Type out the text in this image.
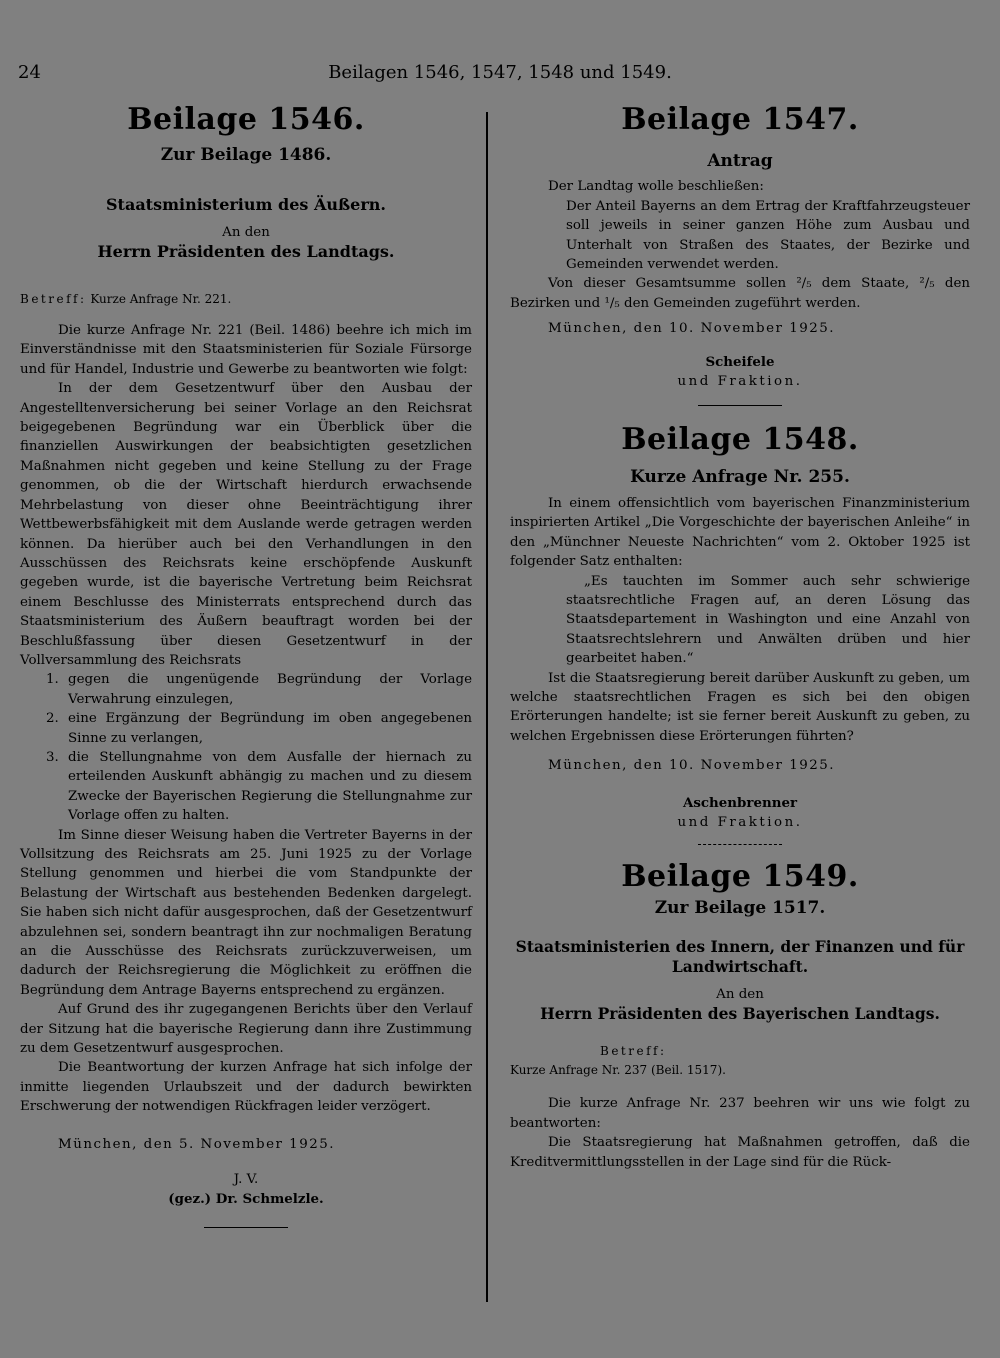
24	Beilagen 1546, 1547, 1548 und 1549.
Beilage 1546.
Zur Beilage 1486.
Staatsministerium des Äußern.

An den

Herrn Präsidenten des Landtags.

Betreff: Kurze Anfrage Nr. 221.

Die kurze Anfrage Nr. 221 (Beil. 1486) beehre ich mich im Einverständnisse mit den Staatsministerien für Soziale Fürsorge und für Handel, Industrie und Gewerbe zu beantworten wie folgt:

In der dem Gesetzentwurf über den Ausbau der Angestelltenversicherung bei seiner Vorlage an den Reichsrat beigegebenen Begründung war ein Überblick über die finanziellen Auswirkungen der beabsichtigten gesetzlichen Maßnahmen nicht gegeben und keine Stellung zu der Frage genommen, ob die der Wirtschaft hierdurch erwachsende Mehrbelastung von dieser ohne Beeinträchtigung ihrer Wettbewerbsfähigkeit mit dem Auslande werde getragen werden können. Da hierüber auch bei den Verhandlungen in den Ausschüssen des Reichsrats keine erschöpfende Auskunft gegeben wurde, ist die bayerische Vertretung beim Reichsrat einem Beschlusse des Ministerrats entsprechend durch das Staatsministerium des Äußern beauftragt worden bei der Beschlußfassung über diesen Gesetzentwurf in der Vollversammlung des Reichsrats

1. gegen die ungenügende Begründung der Vorlage Verwahrung einzulegen,
2. eine Ergänzung der Begründung im oben angegebenen Sinne zu verlangen,
3. die Stellungnahme von dem Ausfalle der hiernach zu erteilenden Auskunft abhängig zu machen und zu diesem Zwecke der Bayerischen Regierung die Stellungnahme zur Vorlage offen zu halten.

Im Sinne dieser Weisung haben die Vertreter Bayerns in der Vollsitzung des Reichsrats am 25. Juni 1925 zu der Vorlage Stellung genommen und hierbei die vom Standpunkte der Belastung der Wirtschaft aus bestehenden Bedenken dargelegt. Sie haben sich nicht dafür ausgesprochen, daß der Gesetzentwurf abzulehnen sei, sondern beantragt ihn zur nochmaligen Beratung an die Ausschüsse des Reichsrats zurückzuverweisen, um dadurch der Reichsregierung die Möglichkeit zu eröffnen die Begründung dem Antrage Bayerns entsprechend zu ergänzen.

Auf Grund des ihr zugegangenen Berichts über den Verlauf der Sitzung hat die bayerische Regierung dann ihre Zustimmung zu dem Gesetzentwurf ausgesprochen.

Die Beantwortung der kurzen Anfrage hat sich infolge der inmitte liegenden Urlaubszeit und der dadurch bewirkten Erschwerung der notwendigen Rückfragen leider verzögert.

München, den 5. November 1925.

J. V.

(gez.) Dr. Schmelzle.

Beilage 1547.
Antrag

Der Landtag wolle beschließen:

Der Anteil Bayerns an dem Ertrag der Kraftfahrzeugsteuer soll jeweils in seiner ganzen Höhe zum Ausbau und Unterhalt von Straßen des Staates, der Bezirke und Gemeinden verwendet werden.

Von dieser Gesamtsumme sollen ²/₅ dem Staate, ²/₅ den Bezirken und ¹/₅ den Gemeinden zugeführt werden.

München, den 10. November 1925.

Scheifele

und Fraktion.

Beilage 1548.
Kurze Anfrage Nr. 255.

In einem offensichtlich vom bayerischen Finanzministerium inspirierten Artikel „Die Vorgeschichte der bayerischen Anleihe“ in den „Münchner Neueste Nachrichten“ vom 2. Oktober 1925 ist folgender Satz enthalten:

„Es tauchten im Sommer auch sehr schwierige staatsrechtliche Fragen auf, an deren Lösung das Staatsdepartement in Washington und eine Anzahl von Staatsrechtslehrern und Anwälten drüben und hier gearbeitet haben.“

Ist die Staatsregierung bereit darüber Auskunft zu geben, um welche staatsrechtlichen Fragen es sich bei den obigen Erörterungen handelte; ist sie ferner bereit Auskunft zu geben, zu welchen Ergebnissen diese Erörterungen führten?

München, den 10. November 1925.

Aschenbrenner

und Fraktion.

Beilage 1549.
Zur Beilage 1517.
Staatsministerien des Innern, der Finanzen und für Landwirtschaft.

An den

Herrn Präsidenten des Bayerischen Landtags.

Betreff:

Kurze Anfrage Nr. 237 (Beil. 1517).

Die kurze Anfrage Nr. 237 beehren wir uns wie folgt zu beantworten:

Die Staatsregierung hat Maßnahmen getroffen, daß die Kreditvermittlungsstellen in der Lage sind für die Rück-
